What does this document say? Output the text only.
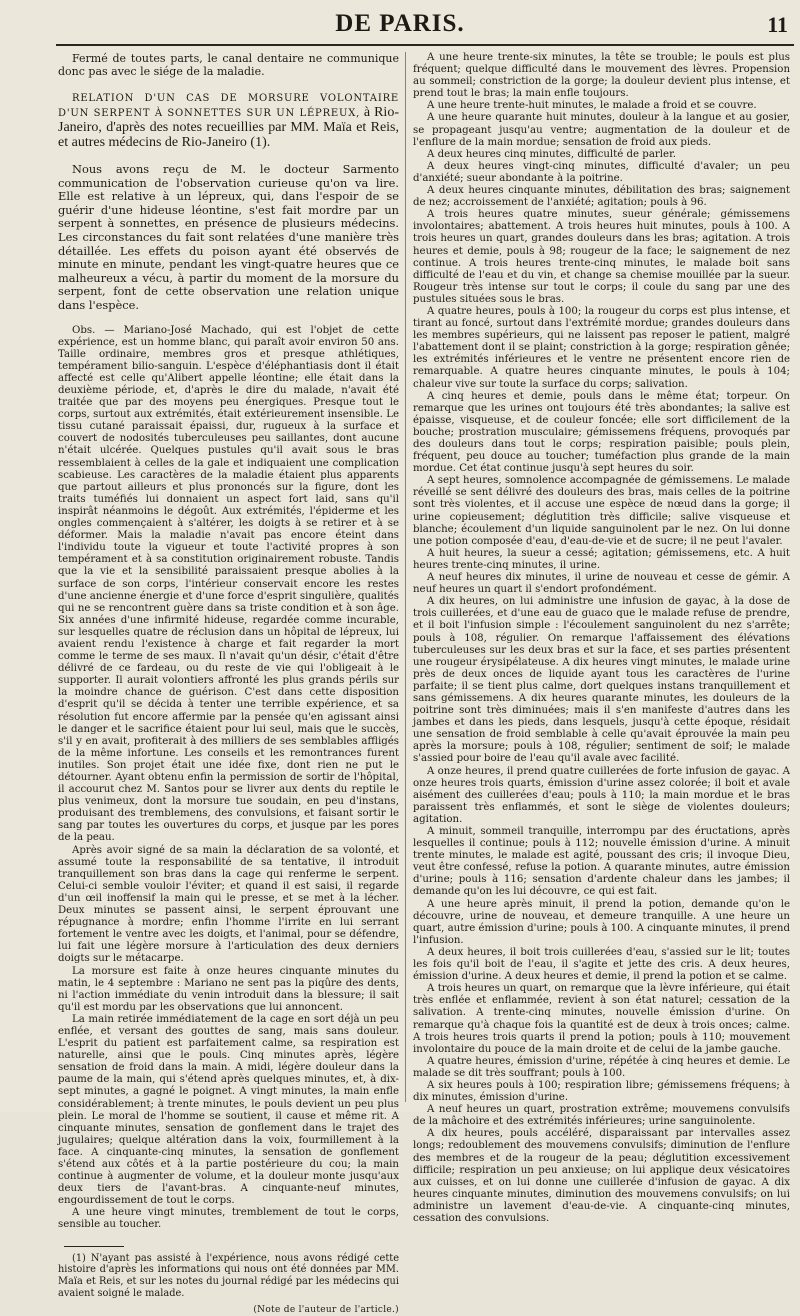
DE PARIS.	11

Fermé de toutes parts, le canal dentaire ne communique donc pas avec le siége de la maladie.

RELATION D'UN CAS DE MORSURE VOLONTAIRE D'UN SERPENT À SONNETTES SUR UN LÉPREUX, à Rio-Janeiro, d'après des notes recueillies par MM. Maïa et Reis, et autres médecins de Rio-Janeiro (1).

Nous avons reçu de M. le docteur Sarmento communication de l'observation curieuse qu'on va lire. Elle est relative à un lépreux, qui, dans l'espoir de se guérir d'une hideuse léontine, s'est fait mordre par un serpent à sonnettes, en présence de plusieurs médecins. Les circonstances du fait sont relatées d'une manière très détaillée. Les effets du poison ayant été observés de minute en minute, pendant les vingt-quatre heures que ce malheureux a vécu, à partir du moment de la morsure du serpent, font de cette observation une relation unique dans l'espèce.

Obs. — Mariano-José Machado, qui est l'objet de cette expérience, est un homme blanc, qui paraît avoir environ 50 ans. Taille ordinaire, membres gros et presque athlétiques, tempérament bilio-sanguin. L'espèce d'éléphantiasis dont il était affecté est celle qu'Alibert appelle léontine; elle était dans la deuxième période, et, d'après le dire du malade, n'avait été traitée que par des moyens peu énergiques. Presque tout le corps, surtout aux extrémités, était extérieurement insensible. Le tissu cutané paraissait épaissi, dur, rugueux à la surface et couvert de nodosités tuberculeuses peu saillantes, dont aucune n'était ulcérée. Quelques pustules qu'il avait sous le bras ressemblaient à celles de la gale et indiquaient une complication scabieuse. Les caractères de la maladie étaient plus apparents que partout ailleurs et plus prononcés sur la figure, dont les traits tuméfiés lui donnaient un aspect fort laid, sans qu'il inspirât néanmoins le dégoût. Aux extrémités, l'épiderme et les ongles commençaient à s'altérer, les doigts à se retirer et à se déformer. Mais la maladie n'avait pas encore éteint dans l'individu toute la vigueur et toute l'activité propres à son tempérament et à sa constitution originairement robuste. Tandis que la vie et la sensibilité paraissaient presque abolies à la surface de son corps, l'intérieur conservait encore les restes d'une ancienne énergie et d'une force d'esprit singulière, qualités qui ne se rencontrent guère dans sa triste condition et à son âge. Six années d'une infirmité hideuse, regardée comme incurable, sur lesquelles quatre de réclusion dans un hôpital de lépreux, lui avaient rendu l'existence à charge et fait regarder la mort comme le terme de ses maux. Il n'avait qu'un désir, c'était d'être délivré de ce fardeau, ou du reste de vie qui l'obligeait à le supporter. Il aurait volontiers affronté les plus grands périls sur la moindre chance de guérison. C'est dans cette disposition d'esprit qu'il se décida à tenter une terrible expérience, et sa résolution fut encore affermie par la pensée qu'en agissant ainsi le danger et le sacrifice étaient pour lui seul, mais que le succès, s'il y en avait, profiterait à des milliers de ses semblables affligés de la même infortune. Les conseils et les remontrances furent inutiles. Son projet était une idée fixe, dont rien ne put le détourner. Ayant obtenu enfin la permission de sortir de l'hôpital, il accourut chez M. Santos pour se livrer aux dents du reptile le plus venimeux, dont la morsure tue soudain, en peu d'instans, produisant des tremblemens, des convulsions, et faisant sortir le sang par toutes les ouvertures du corps, et jusque par les pores de la peau.

Après avoir signé de sa main la déclaration de sa volonté, et assumé toute la responsabilité de sa tentative, il introduit tranquillement son bras dans la cage qui renferme le serpent. Celui-ci semble vouloir l'éviter; et quand il est saisi, il regarde d'un œil inoffensif la main qui le presse, et se met à la lécher. Deux minutes se passent ainsi, le serpent éprouvant une répugnance à mordre; enfin l'homme l'irrite en lui serrant fortement le ventre avec les doigts, et l'animal, pour se défendre, lui fait une légère morsure à l'articulation des deux derniers doigts sur le métacarpe.

La morsure est faite à onze heures cinquante minutes du matin, le 4 septembre : Mariano ne sent pas la piqûre des dents, ni l'action immédiate du venin introduit dans la blessure; il sait qu'il est mordu par les observations que lui annoncent.

La main retirée immédiatement de la cage en sort déjà un peu enflée, et versant des gouttes de sang, mais sans douleur. L'esprit du patient est parfaitement calme, sa respiration est naturelle, ainsi que le pouls. Cinq minutes après, légère sensation de froid dans la main. A midi, légère douleur dans la paume de la main, qui s'étend après quelques minutes, et, à dix-sept minutes, a gagné le poignet. A vingt minutes, la main enfle considérablement; à trente minutes, le pouls devient un peu plus plein. Le moral de l'homme se soutient, il cause et même rit. A cinquante minutes, sensation de gonflement dans le trajet des jugulaires; quelque altération dans la voix, fourmillement à la face. A cinquante-cinq minutes, la sensation de gonflement s'étend aux côtés et à la partie postérieure du cou; la main continue à augmenter de volume, et la douleur monte jusqu'aux deux tiers de l'avant-bras. A cinquante-neuf minutes, engourdissement de tout le corps.

A une heure vingt minutes, tremblement de tout le corps, sensible au toucher.

(1) N'ayant pas assisté à l'expérience, nous avons rédigé cette histoire d'après les informations qui nous ont été données par MM. Maïa et Reis, et sur les notes du journal rédigé par les médecins qui avaient soigné le malade.

(Note de l'auteur de l'article.)

A une heure trente-six minutes, la tête se trouble; le pouls est plus fréquent; quelque difficulté dans le mouvement des lèvres. Propension au sommeil; constriction de la gorge; la douleur devient plus intense, et prend tout le bras; la main enfle toujours.

A une heure trente-huit minutes, le malade a froid et se couvre.

A une heure quarante huit minutes, douleur à la langue et au gosier, se propageant jusqu'au ventre; augmentation de la douleur et de l'enflure de la main mordue; sensation de froid aux pieds.

A deux heures cinq minutes, difficulté de parler.

A deux heures vingt-cinq minutes, difficulté d'avaler; un peu d'anxiété; sueur abondante à la poitrine.

A deux heures cinquante minutes, débilitation des bras; saignement de nez; accroissement de l'anxiété; agitation; pouls à 96.

A trois heures quatre minutes, sueur générale; gémissemens involontaires; abattement. A trois heures huit minutes, pouls à 100. A trois heures un quart, grandes douleurs dans les bras; agitation. A trois heures et demie, pouls à 98; rougeur de la face; le saignement de nez continue. A trois heures trente-cinq minutes, le malade boit sans difficulté de l'eau et du vin, et change sa chemise mouillée par la sueur. Rougeur très intense sur tout le corps; il coule du sang par une des pustules situées sous le bras.

A quatre heures, pouls à 100; la rougeur du corps est plus intense, et tirant au foncé, surtout dans l'extrémité mordue; grandes douleurs dans les membres supérieurs, qui ne laissent pas reposer le patient, malgré l'abattement dont il se plaint; constriction à la gorge; respiration gênée; les extrémités inférieures et le ventre ne présentent encore rien de remarquable. A quatre heures cinquante minutes, le pouls à 104; chaleur vive sur toute la surface du corps; salivation.

A cinq heures et demie, pouls dans le même état; torpeur. On remarque que les urines ont toujours été très abondantes; la salive est épaisse, visqueuse, et de couleur foncée; elle sort difficilement de la bouche; prostration musculaire; gémissemens fréquens, provoqués par des douleurs dans tout le corps; respiration paisible; pouls plein, fréquent, peu douce au toucher; tuméfaction plus grande de la main mordue. Cet état continue jusqu'à sept heures du soir.

A sept heures, somnolence accompagnée de gémissemens. Le malade réveillé se sent délivré des douleurs des bras, mais celles de la poitrine sont très violentes, et il accuse une espèce de nœud dans la gorge; il urine copieusement; déglutition très difficile; salive visqueuse et blanche; écoulement d'un liquide sanguinolent par le nez. On lui donne une potion composée d'eau, d'eau-de-vie et de sucre; il ne peut l'avaler.

A huit heures, la sueur a cessé; agitation; gémissemens, etc. A huit heures trente-cinq minutes, il urine.

A neuf heures dix minutes, il urine de nouveau et cesse de gémir. A neuf heures un quart il s'endort profondément.

A dix heures, on lui administre une infusion de gayac, à la dose de trois cuillerées, et d'une eau de guaco que le malade refuse de prendre, et il boit l'infusion simple : l'écoulement sanguinolent du nez s'arrête; pouls à 108, régulier. On remarque l'affaissement des élévations tuberculeuses sur les deux bras et sur la face, et ses parties présentent une rougeur érysipélateuse. A dix heures vingt minutes, le malade urine près de deux onces de liquide ayant tous les caractères de l'urine parfaite; il se tient plus calme, dort quelques instans tranquillement et sans gémissemens. A dix heures quarante minutes, les douleurs de la poitrine sont très diminuées; mais il s'en manifeste d'autres dans les jambes et dans les pieds, dans lesquels, jusqu'à cette époque, résidait une sensation de froid semblable à celle qu'avait éprouvée la main peu après la morsure; pouls à 108, régulier; sentiment de soif; le malade s'assied pour boire de l'eau qu'il avale avec facilité.

A onze heures, il prend quatre cuillerées de forte infusion de gayac. A onze heures trois quarts, émission d'urine assez colorée; il boit et avale aisément des cuillerées d'eau; pouls à 110; la main mordue et le bras paraissent très enflammés, et sont le siège de violentes douleurs; agitation.

A minuit, sommeil tranquille, interrompu par des éructations, après lesquelles il continue; pouls à 112; nouvelle émission d'urine. A minuit trente minutes, le malade est agité, poussant des cris; il invoque Dieu, veut être confessé, refuse la potion. A quarante minutes, autre émission d'urine; pouls à 116; sensation d'ardente chaleur dans les jambes; il demande qu'on les lui découvre, ce qui est fait.

A une heure après minuit, il prend la potion, demande qu'on le découvre, urine de nouveau, et demeure tranquille. A une heure un quart, autre émission d'urine; pouls à 100. A cinquante minutes, il prend l'infusion.

A deux heures, il boit trois cuillerées d'eau, s'assied sur le lit; toutes les fois qu'il boit de l'eau, il s'agite et jette des cris. A deux heures, émission d'urine. A deux heures et demie, il prend la potion et se calme.

A trois heures un quart, on remarque que la lèvre inférieure, qui était très enflée et enflammée, revient à son état naturel; cessation de la salivation. A trente-cinq minutes, nouvelle émission d'urine. On remarque qu'à chaque fois la quantité est de deux à trois onces; calme. A trois heures trois quarts il prend la potion; pouls à 110; mouvement involontaire du pouce de la main droite et de celui de la jambe gauche.

A quatre heures, émission d'urine, répétée à cinq heures et demie. Le malade se dit très souffrant; pouls à 100.

A six heures pouls à 100; respiration libre; gémissemens fréquens; à dix minutes, émission d'urine.

A neuf heures un quart, prostration extrême; mouvemens convulsifs de la mâchoire et des extrémités inférieures; urine sanguinolente.

A dix heures, pouls accéléré, disparaissant par intervalles assez longs; redoublement des mouvemens convulsifs; diminution de l'enflure des membres et de la rougeur de la peau; déglutition excessivement difficile; respiration un peu anxieuse; on lui applique deux vésicatoires aux cuisses, et on lui donne une cuillerée d'infusion de gayac. A dix heures cinquante minutes, diminution des mouvemens convulsifs; on lui administre un lavement d'eau-de-vie. A cinquante-cinq minutes, cessation des convulsions.
